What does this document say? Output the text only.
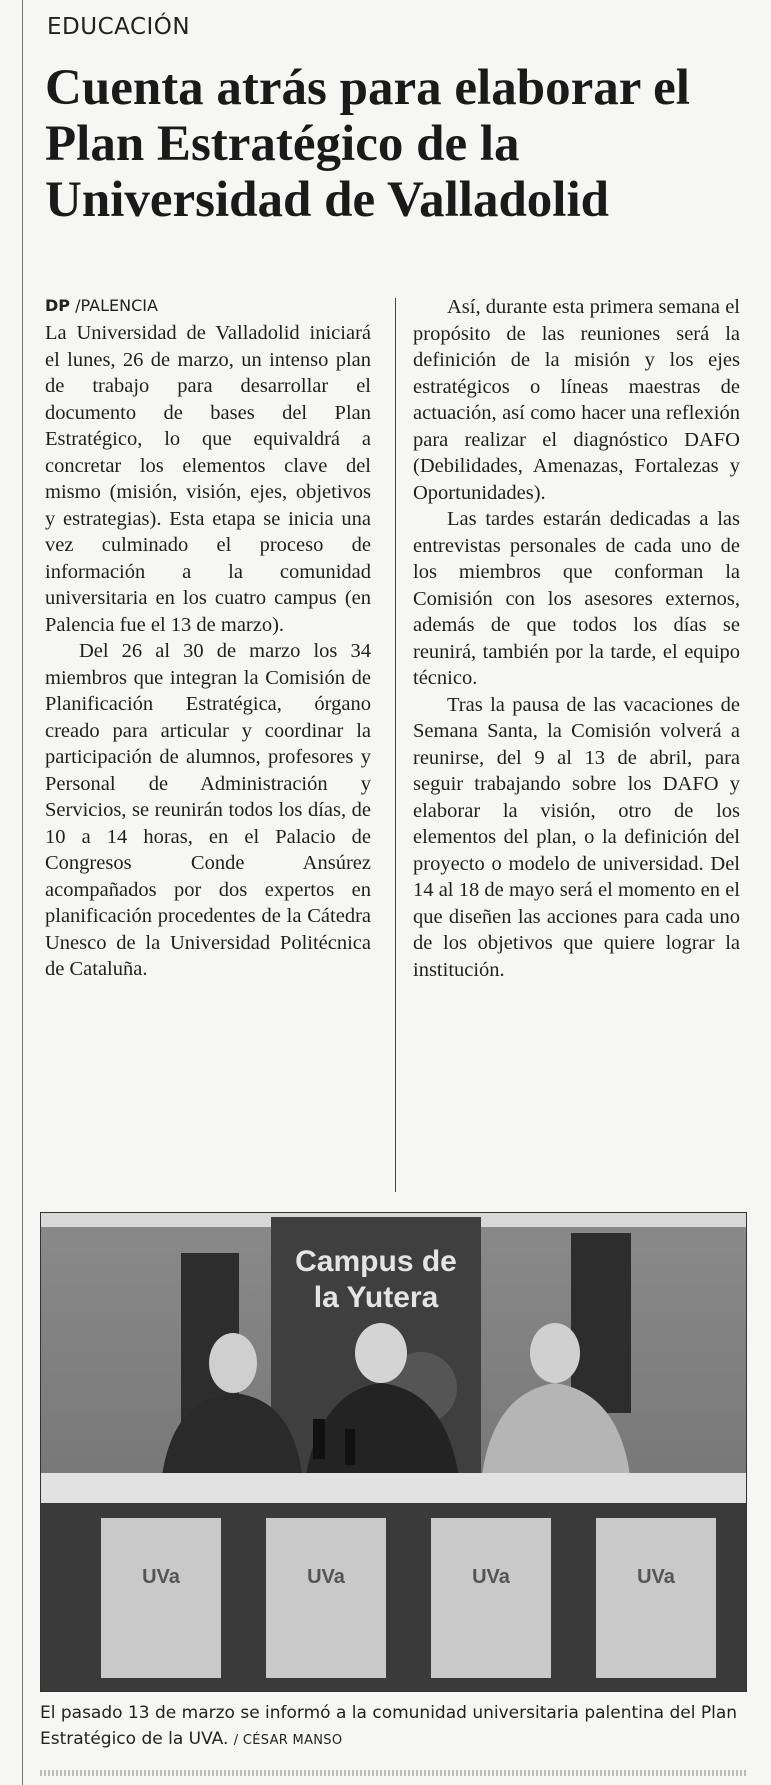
EDUCACIÓN
Cuenta atrás para elaborar el Plan Estratégico de la Universidad de Valladolid
DP /PALENCIA

La Universidad de Valladolid iniciará el lunes, 26 de marzo, un intenso plan de trabajo para desarrollar el documento de bases del Plan Estratégico, lo que equivaldrá a concretar los elementos clave del mismo (misión, visión, ejes, objetivos y estrategias). Esta etapa se inicia una vez culminado el proceso de información a la comunidad universitaria en los cuatro campus (en Palencia fue el 13 de marzo).

Del 26 al 30 de marzo los 34 miembros que integran la Comisión de Planificación Estratégica, órgano creado para articular y coordinar la participación de alumnos, profesores y Personal de Administración y Servicios, se reunirán todos los días, de 10 a 14 horas, en el Palacio de Congresos Conde Ansúrez acompañados por dos expertos en planificación procedentes de la Cátedra Unesco de la Universidad Politécnica de Cataluña.

Así, durante esta primera semana el propósito de las reuniones será la definición de la misión y los ejes estratégicos o líneas maestras de actuación, así como hacer una reflexión para realizar el diagnóstico DAFO (Debilidades, Amenazas, Fortalezas y Oportunidades).

Las tardes estarán dedicadas a las entrevistas personales de cada uno de los miembros que conforman la Comisión con los asesores externos, además de que todos los días se reunirá, también por la tarde, el equipo técnico.

Tras la pausa de las vacaciones de Semana Santa, la Comisión volverá a reunirse, del 9 al 13 de abril, para seguir trabajando sobre los DAFO y elaborar la visión, otro de los elementos del plan, o la definición del proyecto o modelo de universidad. Del 14 al 18 de mayo será el momento en el que diseñen las acciones para cada uno de los objetivos que quiere lograr la institución.

Campus de
la Yutera
UVa	UVa	UVa	UVa
El pasado 13 de marzo se informó a la comunidad universitaria palentina del Plan Estratégico de la UVA. / CÉSAR MANSO
